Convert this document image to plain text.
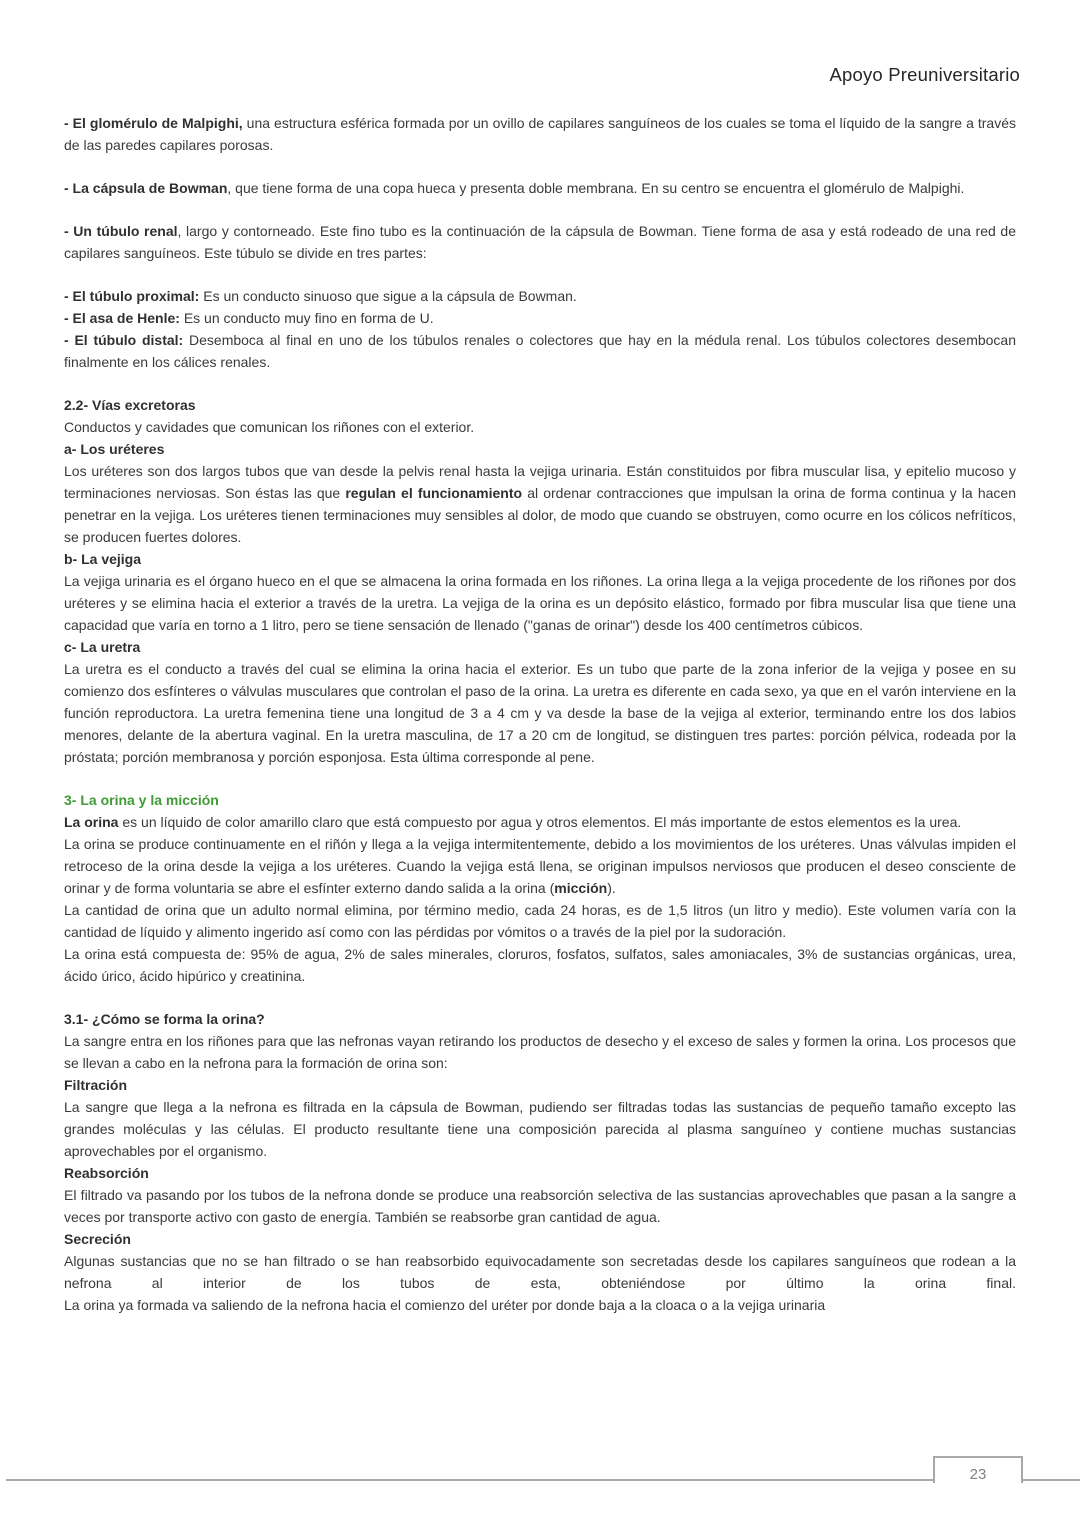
Apoyo Preuniversitario
- El glomérulo de Malpighi, una estructura esférica formada por un ovillo de capilares sanguíneos de los cuales se toma el líquido de la sangre a través de las paredes capilares porosas.
- La cápsula de Bowman, que tiene forma de una copa hueca y presenta doble membrana. En su centro se encuentra el glomérulo de Malpighi.
- Un túbulo renal, largo y contorneado. Este fino tubo es la continuación de la cápsula de Bowman. Tiene forma de asa y está rodeado de una red de capilares sanguíneos. Este túbulo se divide en tres partes:
- El túbulo proximal: Es un conducto sinuoso que sigue a la cápsula de Bowman.
- El asa de Henle: Es un conducto muy fino en forma de U.
- El túbulo distal: Desemboca al final en uno de los túbulos renales o colectores que hay en la médula renal. Los túbulos colectores desembocan finalmente en los cálices renales.
2.2- Vías excretoras
Conductos y cavidades que comunican los riñones con el exterior.
a- Los uréteres
Los uréteres son dos largos tubos que van desde la pelvis renal hasta la vejiga urinaria. Están constituidos por fibra muscular lisa, y epitelio mucoso y terminaciones nerviosas. Son éstas las que regulan el funcionamiento al ordenar contracciones que impulsan la orina de forma continua y la hacen penetrar en la vejiga. Los uréteres tienen terminaciones muy sensibles al dolor, de modo que cuando se obstruyen, como ocurre en los cólicos nefríticos, se producen fuertes dolores.
b- La vejiga
La vejiga urinaria es el órgano hueco en el que se almacena la orina formada en los riñones. La orina llega a la vejiga procedente de los riñones por dos uréteres y se elimina hacia el exterior a través de la uretra. La vejiga de la orina es un depósito elástico, formado por fibra muscular lisa que tiene una capacidad que varía en torno a 1 litro, pero se tiene sensación de llenado ("ganas de orinar") desde los 400 centímetros cúbicos.
c- La uretra
La uretra es el conducto a través del cual se elimina la orina hacia el exterior. Es un tubo que parte de la zona inferior de la vejiga y posee en su comienzo dos esfínteres o válvulas musculares que controlan el paso de la orina. La uretra es diferente en cada sexo, ya que en el varón interviene en la función reproductora. La uretra femenina tiene una longitud de 3 a 4 cm y va desde la base de la vejiga al exterior, terminando entre los dos labios menores, delante de la abertura vaginal. En la uretra masculina, de 17 a 20 cm de longitud, se distinguen tres partes: porción pélvica, rodeada por la próstata; porción membranosa y porción esponjosa. Esta última corresponde al pene.
3- La orina y la micción
La orina es un líquido de color amarillo claro que está compuesto por agua y otros elementos. El más importante de estos elementos es la urea.
La orina se produce continuamente en el riñón y llega a la vejiga intermitentemente, debido a los movimientos de los uréteres. Unas válvulas impiden el retroceso de la orina desde la vejiga a los uréteres. Cuando la vejiga está llena, se originan impulsos nerviosos que producen el deseo consciente de orinar y de forma voluntaria se abre el esfínter externo dando salida a la orina (micción).
La cantidad de orina que un adulto normal elimina, por término medio, cada 24 horas, es de 1,5 litros (un litro y medio). Este volumen varía con la cantidad de líquido y alimento ingerido así como con las pérdidas por vómitos o a través de la piel por la sudoración.
La orina está compuesta de: 95% de agua, 2% de sales minerales, cloruros, fosfatos, sulfatos, sales amoniacales, 3% de sustancias orgánicas, urea, ácido úrico, ácido hipúrico y creatinina.
3.1- ¿Cómo se forma la orina?
La sangre entra en los riñones para que las nefronas vayan retirando los productos de desecho y el exceso de sales y formen la orina. Los procesos que se llevan a cabo en la nefrona para la formación de orina son:
Filtración
La sangre que llega a la nefrona es filtrada en la cápsula de Bowman, pudiendo ser filtradas todas las sustancias de pequeño tamaño excepto las grandes moléculas y las células. El producto resultante tiene una composición parecida al plasma sanguíneo y contiene muchas sustancias aprovechables por el organismo.
Reabsorción
El filtrado va pasando por los tubos de la nefrona donde se produce una reabsorción selectiva de las sustancias aprovechables que pasan a la sangre a veces por transporte activo con gasto de energía. También se reabsorbe gran cantidad de agua.
Secreción
Algunas sustancias que no se han filtrado o se han reabsorbido equivocadamente son secretadas desde los capilares sanguíneos que rodean a la nefrona al interior de los tubos de esta, obteniéndose por último la orina final.
La orina ya formada va saliendo de la nefrona hacia el comienzo del uréter por donde baja a la cloaca o a la vejiga urinaria
23
